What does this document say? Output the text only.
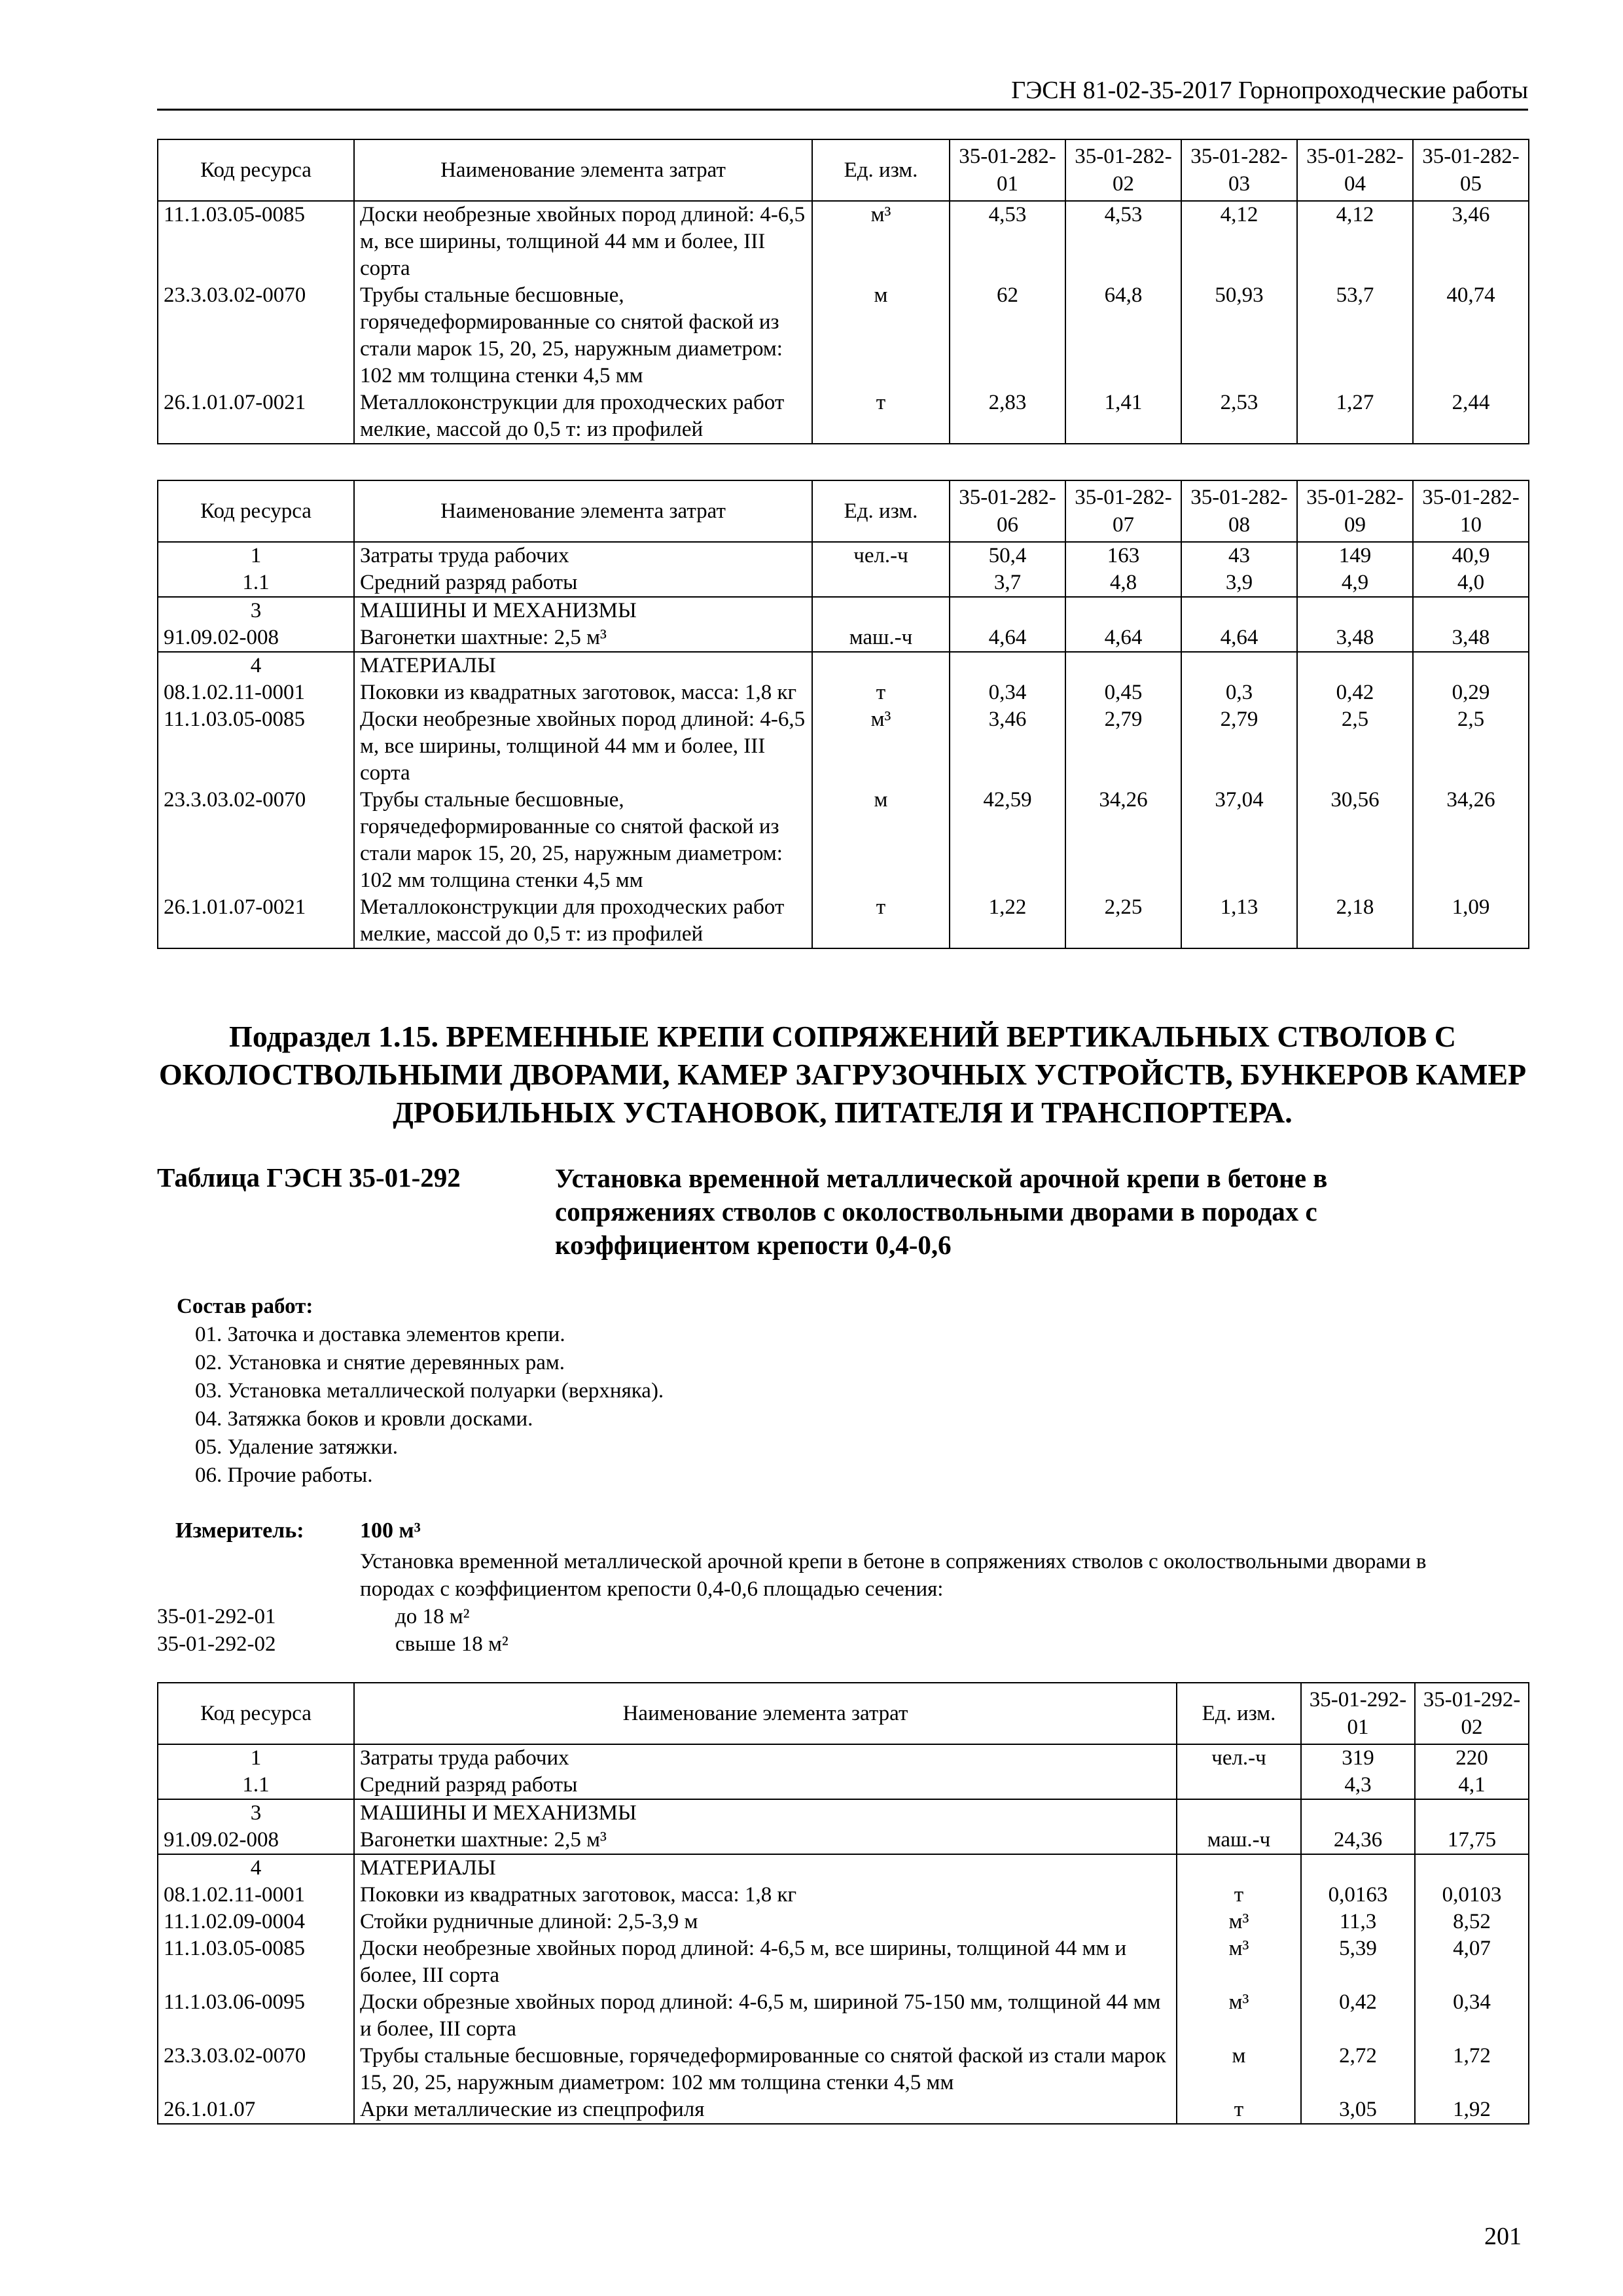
ГЭСН 81-02-35-2017 Горнопроходческие работы
Код ресурса	Наименование элемента затрат	Ед. изм.	35-01-282-01	35-01-282-02	35-01-282-03	35-01-282-04	35-01-282-05
11.1.03.05-0085	Доски необрезные хвойных пород длиной: 4-6,5 м, все ширины, толщиной 44 мм и более, III сорта	м³	4,53	4,53	4,12	4,12	3,46
23.3.03.02-0070	Трубы стальные бесшовные, горячедеформированные со снятой фаской из стали марок 15, 20, 25, наружным диаметром: 102 мм толщина стенки 4,5 мм	м	62	64,8	50,93	53,7	40,74
26.1.01.07-0021	Металлоконструкции для проходческих работ мелкие, массой до 0,5 т: из профилей	т	2,83	1,41	2,53	1,27	2,44
Код ресурса	Наименование элемента затрат	Ед. изм.	35-01-282-06	35-01-282-07	35-01-282-08	35-01-282-09	35-01-282-10
1	Затраты труда рабочих	чел.-ч	50,4	163	43	149	40,9
1.1	Средний разряд работы		3,7	4,8	3,9	4,9	4,0
3	МАШИНЫ И МЕХАНИЗМЫ						
91.09.02-008	Вагонетки шахтные: 2,5 м³	маш.-ч	4,64	4,64	4,64	3,48	3,48
4	МАТЕРИАЛЫ						
08.1.02.11-0001	Поковки из квадратных заготовок, масса: 1,8 кг	т	0,34	0,45	0,3	0,42	0,29
11.1.03.05-0085	Доски необрезные хвойных пород длиной: 4-6,5 м, все ширины, толщиной 44 мм и более, III сорта	м³	3,46	2,79	2,79	2,5	2,5
23.3.03.02-0070	Трубы стальные бесшовные, горячедеформированные со снятой фаской из стали марок 15, 20, 25, наружным диаметром: 102 мм толщина стенки 4,5 мм	м	42,59	34,26	37,04	30,56	34,26
26.1.01.07-0021	Металлоконструкции для проходческих работ мелкие, массой до 0,5 т: из профилей	т	1,22	2,25	1,13	2,18	1,09
Подраздел 1.15. ВРЕМЕННЫЕ КРЕПИ СОПРЯЖЕНИЙ ВЕРТИКАЛЬНЫХ СТВОЛОВ С ОКОЛОСТВОЛЬНЫМИ ДВОРАМИ, КАМЕР ЗАГРУЗОЧНЫХ УСТРОЙСТВ, БУНКЕРОВ КАМЕР ДРОБИЛЬНЫХ УСТАНОВОК, ПИТАТЕЛЯ И ТРАНСПОРТЕРА.
Таблица ГЭСН 35-01-292	Установка временной металлической арочной крепи в бетоне в сопряжениях стволов с околоствольными дворами в породах с коэффициентом крепости 0,4-0,6
Состав работ:
01. Заточка и доставка элементов крепи.
02. Установка и снятие деревянных рам.
03. Установка металлической полуарки (верхняка).
04. Затяжка боков и кровли досками.
05. Удаление затяжки.
06. Прочие работы.
Измеритель:	100 м³
Установка временной металлической арочной крепи в бетоне в сопряжениях стволов с околоствольными дворами в породах с коэффициентом крепости 0,4-0,6 площадью сечения:
35-01-292-01	до 18 м²
35-01-292-02	свыше 18 м²
Код ресурса	Наименование элемента затрат	Ед. изм.	35-01-292-01	35-01-292-02
1	Затраты труда рабочих	чел.-ч	319	220
1.1	Средний разряд работы		4,3	4,1
3	МАШИНЫ И МЕХАНИЗМЫ			
91.09.02-008	Вагонетки шахтные: 2,5 м³	маш.-ч	24,36	17,75
4	МАТЕРИАЛЫ			
08.1.02.11-0001	Поковки из квадратных заготовок, масса: 1,8 кг	т	0,0163	0,0103
11.1.02.09-0004	Стойки рудничные длиной: 2,5-3,9 м	м³	11,3	8,52
11.1.03.05-0085	Доски необрезные хвойных пород длиной: 4-6,5 м, все ширины, толщиной 44 мм и более, III сорта	м³	5,39	4,07
11.1.03.06-0095	Доски обрезные хвойных пород длиной: 4-6,5 м, шириной 75-150 мм, толщиной 44 мм и более, III сорта	м³	0,42	0,34
23.3.03.02-0070	Трубы стальные бесшовные, горячедеформированные со снятой фаской из стали марок 15, 20, 25, наружным диаметром: 102 мм толщина стенки 4,5 мм	м	2,72	1,72
26.1.01.07	Арки металлические из спецпрофиля	т	3,05	1,92
201
